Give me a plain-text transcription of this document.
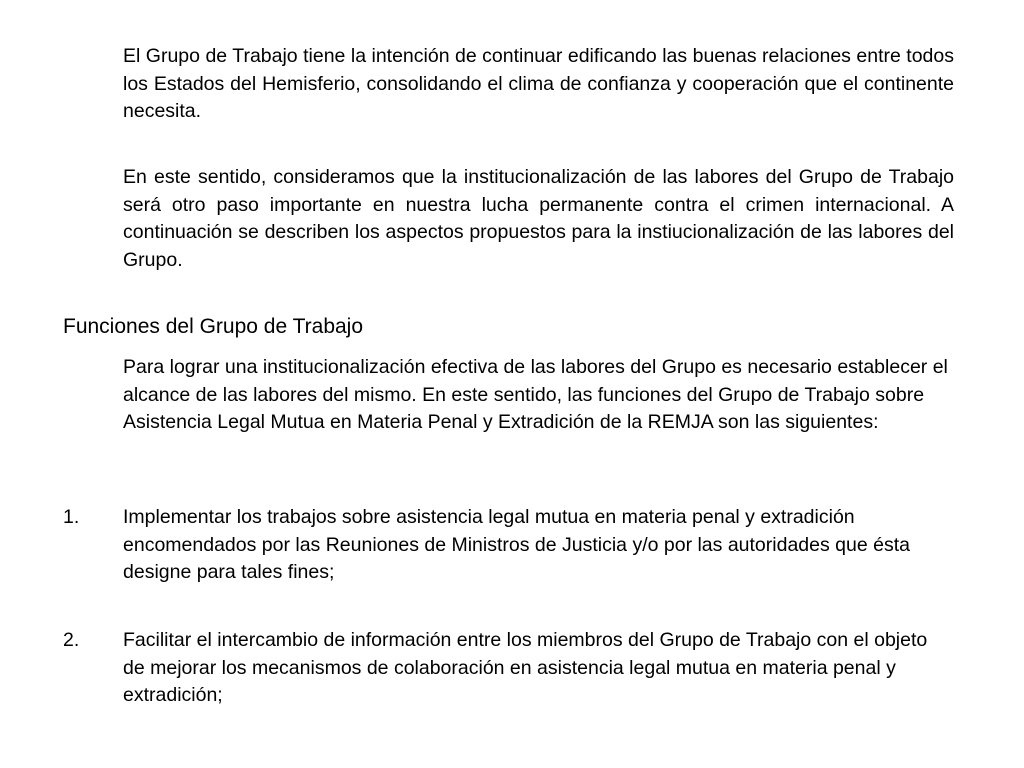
El Grupo de Trabajo tiene la intención de continuar edificando las buenas relaciones entre todos los Estados del Hemisferio, consolidando el clima de confianza y cooperación que el continente necesita.

En este sentido, consideramos que la institucionalización de las labores del Grupo de Trabajo será otro paso importante en nuestra lucha permanente contra el crimen internacional. A continuación se describen los aspectos propuestos para la instiucionalización de las labores del Grupo.

Funciones del Grupo de Trabajo

Para lograr una institucionalización efectiva de las labores del Grupo es necesario establecer el alcance de las labores del mismo. En este sentido, las funciones del Grupo de Trabajo sobre Asistencia Legal Mutua en Materia Penal y Extradición de la REMJA son las siguientes:

1. Implementar los trabajos sobre asistencia legal mutua en materia penal y extradición encomendados por las Reuniones de Ministros de Justicia y/o por las autoridades que ésta designe para tales fines;
2. Facilitar el intercambio de información entre los miembros del Grupo de Trabajo con el objeto de mejorar los mecanismos de colaboración en asistencia legal mutua en materia penal y extradición;
